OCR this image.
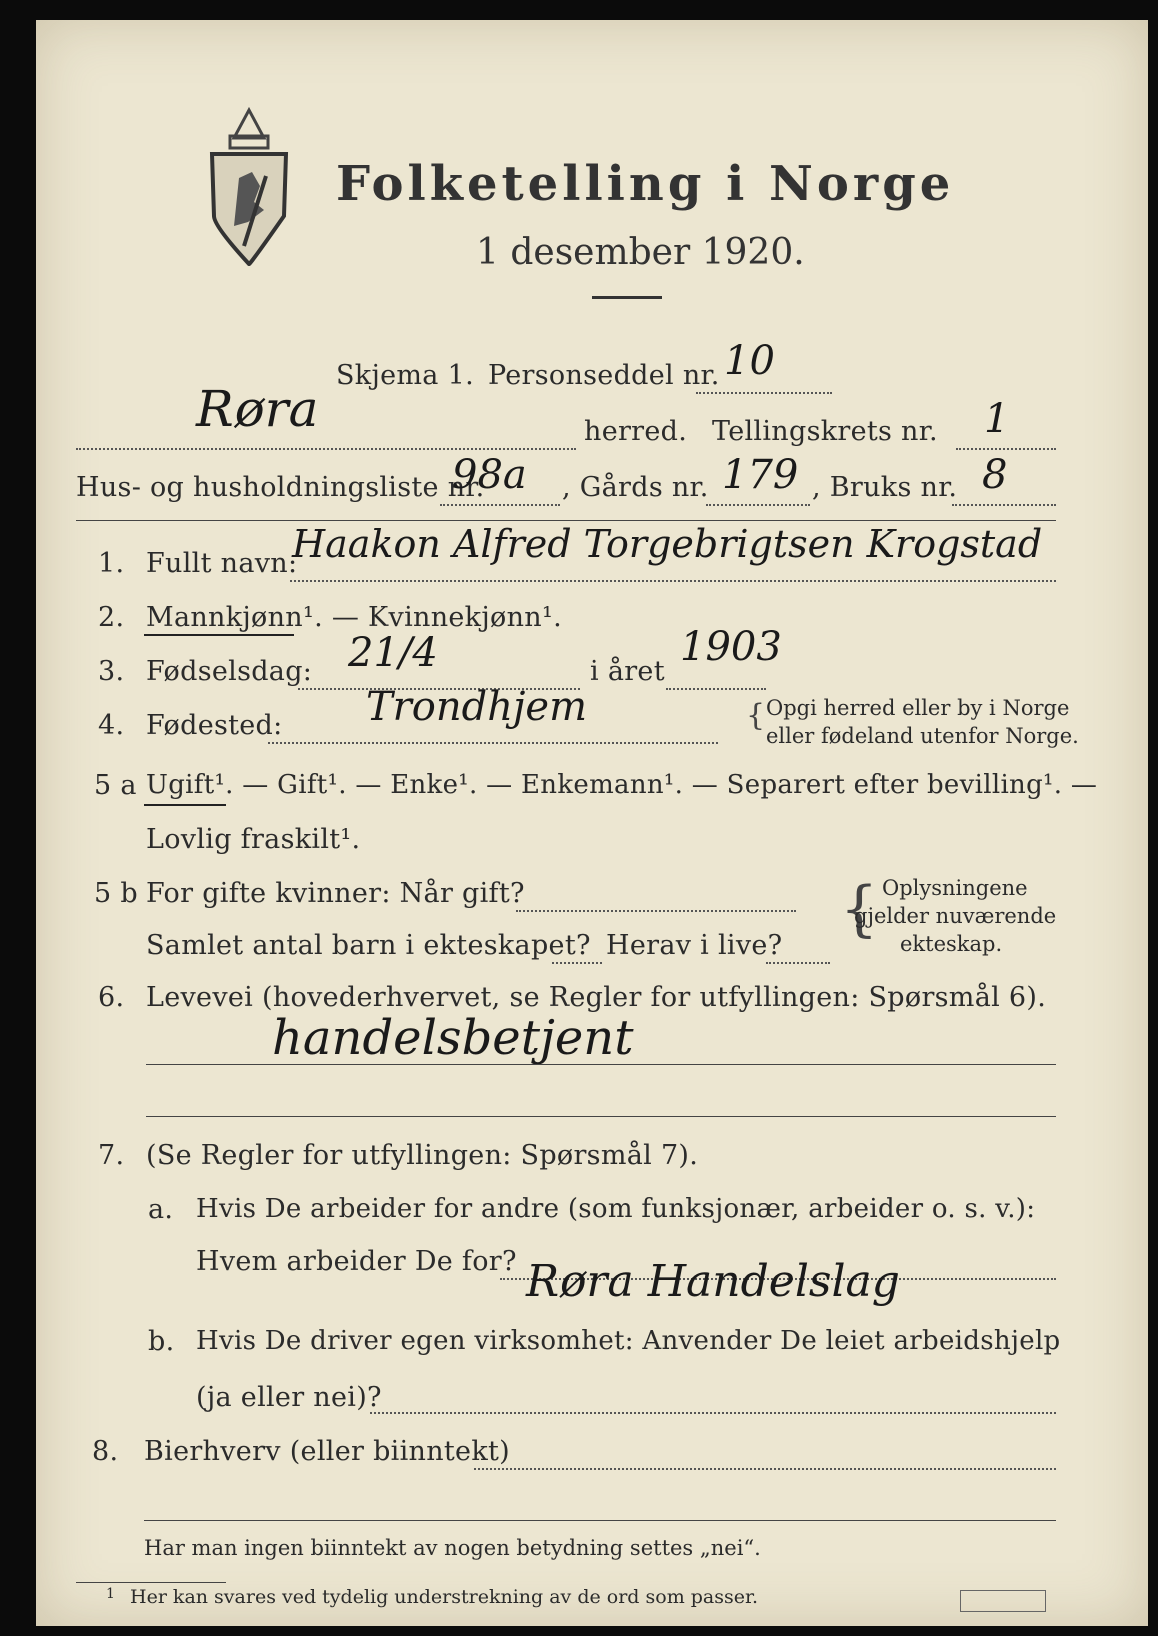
Folketelling i Norge
1 desember 1920.
Skjema 1. Personseddel nr. 10
Røra	herred. Tellingskrets nr. 1
Hus- og husholdningsliste nr.
98a , Gårds nr. 179 , Bruks nr. 8
1. Fullt navn:
Haakon Alfred Torgebrigtsen Krogstad
2. Mannkjønn¹. — Kvinnekjønn¹.
3. Fødselsdag: 21/4	i året
1903
4. Fødested: Trondhjem	{ Opgi herred eller by i Norge
eller fødeland utenfor Norge.
5 a Ugift¹. — Gift¹. — Enke¹. — Enkemann¹. — Separert efter bevilling¹. —
Lovlig fraskilt¹.
5 b For gifte kvinner: Når gift?
Samlet antal barn i ekteskapet? Herav i live?
{ Oplysningene
gjelder nuværende
ekteskap.
6. Levevei (hovederhvervet, se Regler for utfyllingen: Spørsmål 6).
handelsbetjent
7. (Se Regler for utfyllingen: Spørsmål 7).
a. Hvis De arbeider for andre (som funksjonær, arbeider o. s. v.):
Hvem arbeider De for? Røra Handelslag
b. Hvis De driver egen virksomhet: Anvender De leiet arbeidshjelp
(ja eller nei)?
8. Bierhverv (eller biinntekt)
Har man ingen biinntekt av nogen betydning settes „nei“.
1 Her kan svares ved tydelig understrekning av de ord som passer.
